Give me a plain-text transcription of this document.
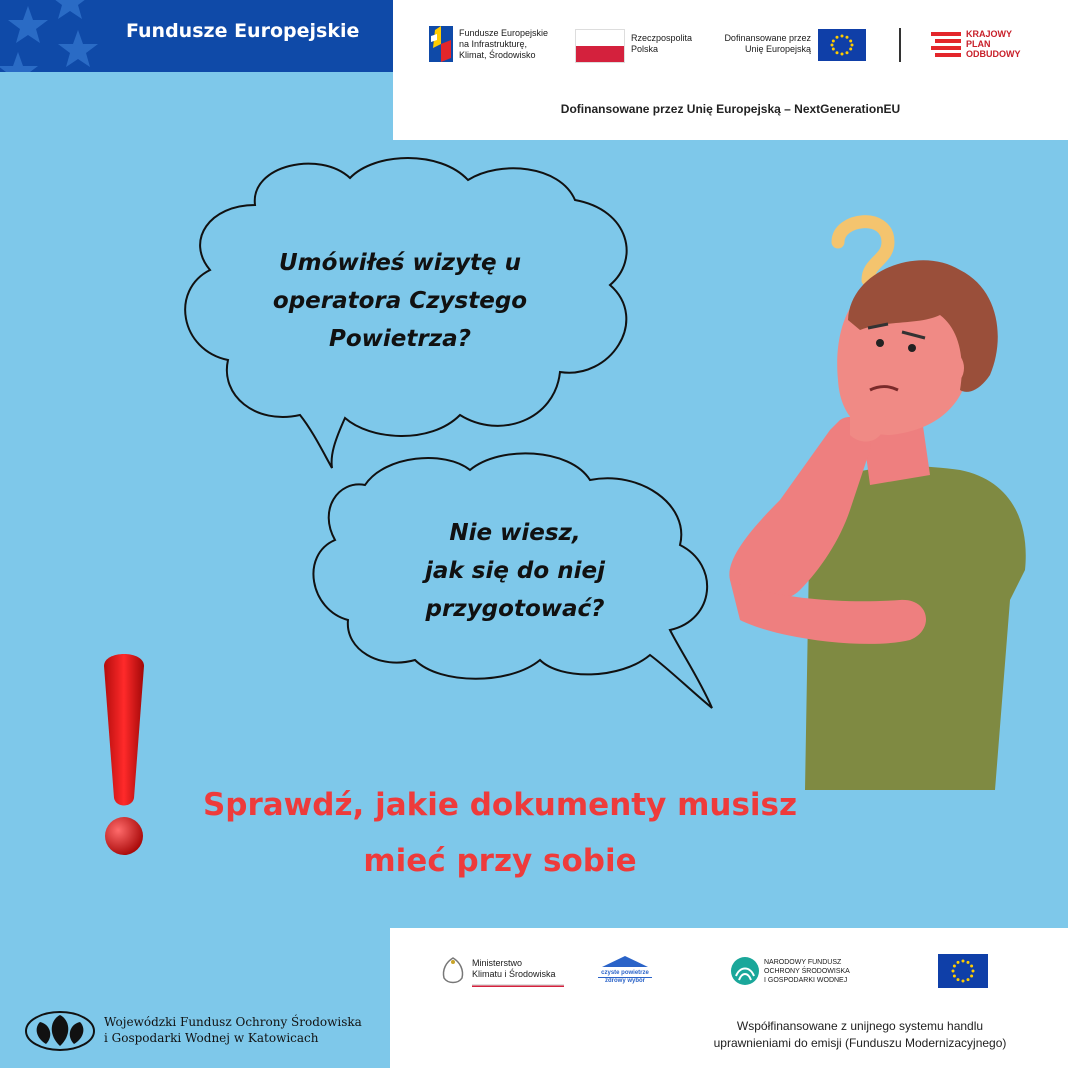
Fundusze Europejskie	Fundusze Europejskie
na Infrastrukturę,
Klimat, Środowisko
Rzeczpospolita
Polska
Dofinansowane przez
Unię Europejską
KRAJOWY
PLAN
ODBUDOWY
Dofinansowane przez Unię Europejską – NextGenerationEU
Umówiłeś wizytę u
operatora Czystego
Powietrza?
Nie wiesz,
jak się do niej
przygotować?
Sprawdź, jakie dokumenty musisz
mieć przy sobie
Wojewódzki Fundusz Ochrony Środowiska
i Gospodarki Wodnej w Katowicach
Ministerstwo
Klimatu i Środowiska	czyste powietrze
zdrowy wybór
NARODOWY FUNDUSZ
OCHRONY ŚRODOWISKA
I GOSPODARKI WODNEJ
Współfinansowane z unijnego systemu handlu
uprawnieniami do emisji (Funduszu Modernizacyjnego)
